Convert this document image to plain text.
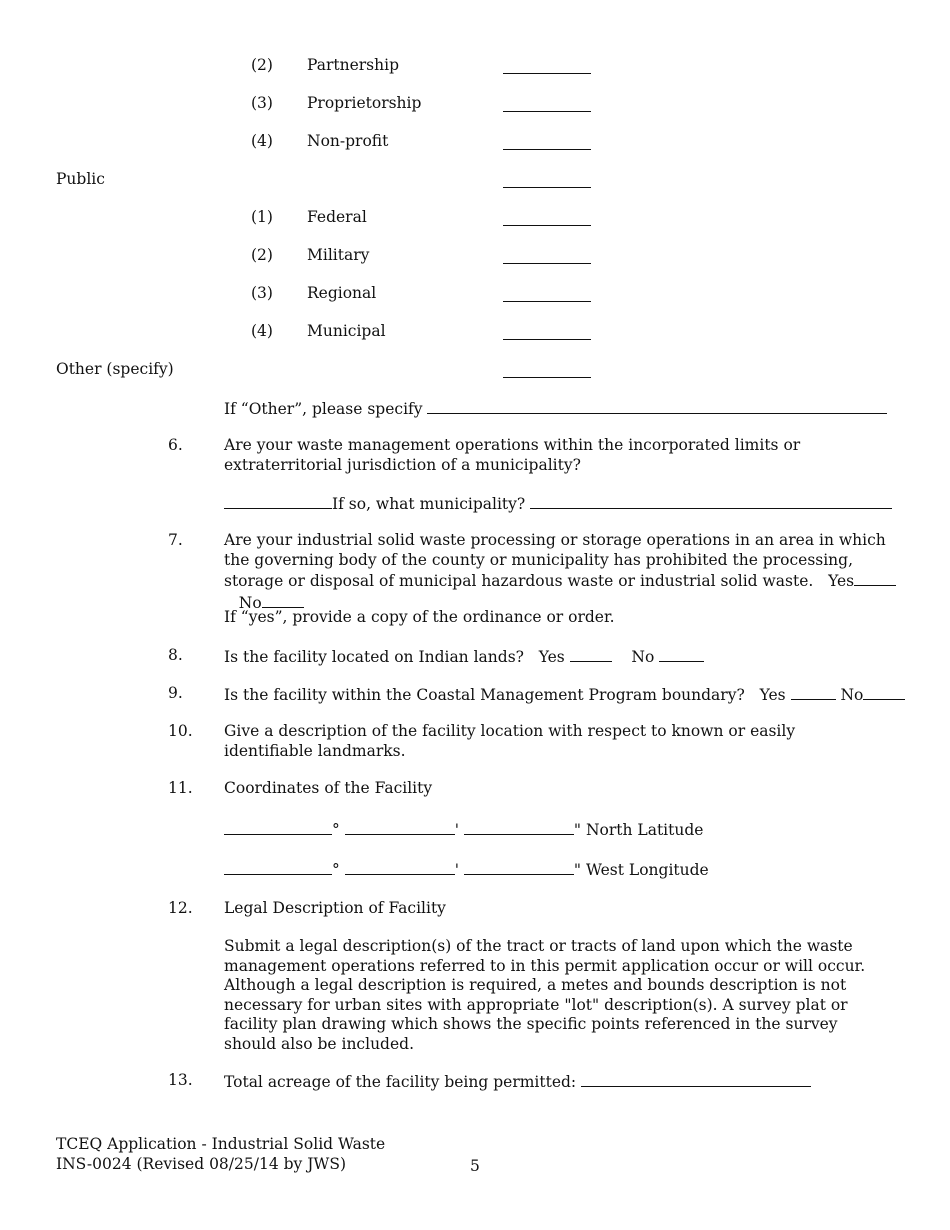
(2) Partnership
(3) Proprietorship
(4) Non-profit
Public
(1) Federal
(2) Military
(3) Regional
(4) Municipal
Other (specify)
If “Other”, please specify
6.	Are your waste management operations within the incorporated limits or extraterritorial jurisdiction of a municipality?
If so, what municipality?
7.	Are your industrial solid waste processing or storage operations in an area in which the governing body of the county or municipality has prohibited the processing, storage or disposal of municipal hazardous waste or industrial solid waste. Yes   No
If “yes”, provide a copy of the ordinance or order.
8.	Is the facility located on Indian lands? Yes	No
9.	Is the facility within the Coastal Management Program boundary? Yes	No
10. Give a description of the facility location with respect to known or easily identifiable landmarks.
11. Coordinates of the Facility
°	'	" North Latitude
°	'	" West Longitude
12. Legal Description of Facility
Submit a legal description(s) of the tract or tracts of land upon which the waste management operations referred to in this permit application occur or will occur. Although a legal description is required, a metes and bounds description is not necessary for urban sites with appropriate "lot" description(s). A survey plat or facility plan drawing which shows the specific points referenced in the survey should also be included.
13. Total acreage of the facility being permitted:
TCEQ Application - Industrial Solid Waste
INS-0024 (Revised 08/25/14 by JWS)	5
